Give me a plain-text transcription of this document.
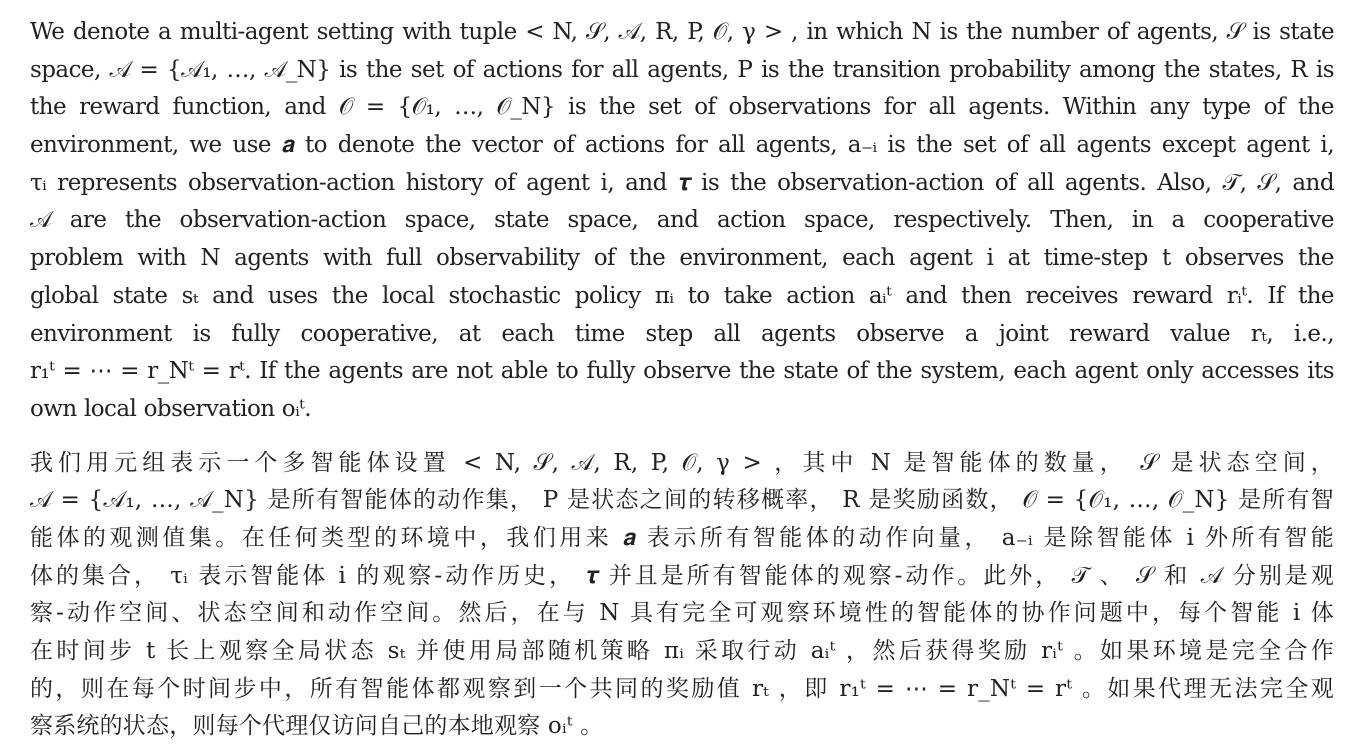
We denote a multi-agent setting with tuple < N, 𝒮, 𝒜, R, P, 𝒪, γ > , in which N is the number of agents, 𝒮 is state
space, 𝒜 = {𝒜₁, …, 𝒜_N} is the set of actions for all agents, P is the transition probability among the states, R is
the reward function, and 𝒪 = {𝒪₁, …, 𝒪_N} is the set of observations for all agents. Within any type of the
environment, we use 𝒂 to denote the vector of actions for all agents, a₋ᵢ is the set of all agents except agent i,
τᵢ represents observation-action history of agent i, and 𝝉 is the observation-action of all agents. Also, 𝒯, 𝒮, and
𝒜 are the observation-action space, state space, and action space, respectively. Then, in a cooperative
problem with N agents with full observability of the environment, each agent i at time-step t observes the
global state sₜ and uses the local stochastic policy πᵢ to take action aᵢᵗ and then receives reward rᵢᵗ. If the
environment is fully cooperative, at each time step all agents observe a joint reward value rₜ, i.e.,
r₁ᵗ = ⋯ = r_Nᵗ = rᵗ. If the agents are not able to fully observe the state of the system, each agent only accesses its
own local observation oᵢᵗ.
我们用元组表示一个多智能体设置 < N, 𝒮, 𝒜, R, P, 𝒪, γ > ，其中 N 是智能体的数量， 𝒮 是状态空间，
𝒜 = {𝒜₁, …, 𝒜_N} 是所有智能体的动作集， P 是状态之间的转移概率， R 是奖励函数， 𝒪 = {𝒪₁, …, 𝒪_N} 是所有智
能体的观测值集。在任何类型的环境中，我们用来 𝒂 表示所有智能体的动作向量， a₋ᵢ 是除智能体 i 外所有智能
体的集合， τᵢ 表示智能体 i 的观察-动作历史， 𝝉 并且是所有智能体的观察-动作。此外， 𝒯 、 𝒮 和 𝒜 分别是观
察-动作空间、状态空间和动作空间。然后，在与 N 具有完全可观察环境性的智能体的协作问题中，每个智能 i 体
在时间步 t 长上观察全局状态 sₜ 并使用局部随机策略 πᵢ 采取行动 aᵢᵗ ，然后获得奖励 rᵢᵗ 。如果环境是完全合作
的，则在每个时间步中，所有智能体都观察到一个共同的奖励值 rₜ ，即 r₁ᵗ = ⋯ = r_Nᵗ = rᵗ 。如果代理无法完全观
察系统的状态，则每个代理仅访问自己的本地观察 oᵢᵗ 。
